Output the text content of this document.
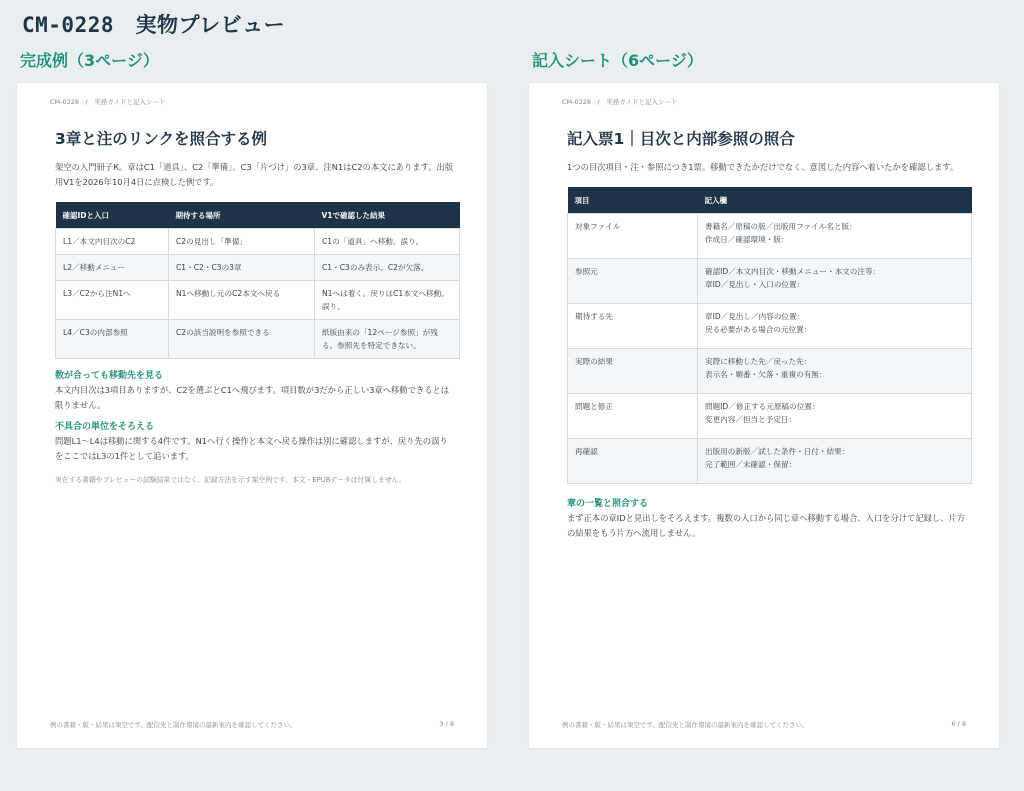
CM-0228　 実物プレビュー
完成例（3ページ）	記入シート（6ページ）
CM-0228　/　実務ガイドと記入シート
3章と注のリンクを照合する例
架空の入門冊子К。章はC1「道具」、C2「準備」、C3「片づけ」の3章、注N1はC2の本文にあります。出版用V1を2026年10月4日に点検した例です。
確認IDと入口	期待する場所	V1で確認した結果
L1／本文内目次のC2	C2の見出し「準備」	C1の「道具」へ移動。誤り。
L2／移動メニュー	C1・C2・C3の3章	C1・C3のみ表示。C2が欠落。
L3／C2から注N1へ	N1へ移動し元のC2本文へ戻る	N1へは着く。戻りはC1本文へ移動。誤り。
L4／C3の内部参照	C2の該当説明を参照できる	紙版由来の「12ページ参照」が残る。参照先を特定できない。
数が合っても移動先を見る
本文内目次は3項目ありますが、C2を選ぶとC1へ飛びます。項目数が3だから正しい3章へ移動できるとは限りません。
不具合の単位をそろえる
問題L1〜L4は移動に関する4件です。N1へ行く操作と本文へ戻る操作は別に確認しますが、戻り先の誤りをここではL3の1件として追います。
実在する書籍やプレビューの試験結果ではなく、記録方法を示す架空例です。本文・EPUBデータは付属しません。
例の書籍・版・結果は架空です。配信先と制作環境の最新案内を確認してください。	3 / 8
CM-0228　/　実務ガイドと記入シート
記入票1｜目次と内部参照の照合
1つの目次項目・注・参照につき1票。移動できたかだけでなく、意図した内容へ着いたかを確認します。
項目	記入欄
対象ファイル	書籍名／原稿の版／出版用ファイル名と版：
作成日／確認環境・版：

参照元	確認ID／本文内目次・移動メニュー・本文の注等：
章ID／見出し・入口の位置：

期待する先	章ID／見出し／内容の位置：
戻る必要がある場合の元位置：

実際の結果	実際に移動した先／戻った先：
表示名・順番・欠落・重複の有無：

問題と修正	問題ID／修正する元原稿の位置：
変更内容／担当と予定日：

再確認	出版用の新版／試した条件・日付・結果：
完了範囲／未確認・保留：
章の一覧と照合する
まず正本の章IDと見出しをそろえます。複数の入口から同じ章へ移動する場合、入口を分けて記録し、片方の結果をもう片方へ流用しません。
例の書籍・版・結果は架空です。配信先と制作環境の最新案内を確認してください。	6 / 8
